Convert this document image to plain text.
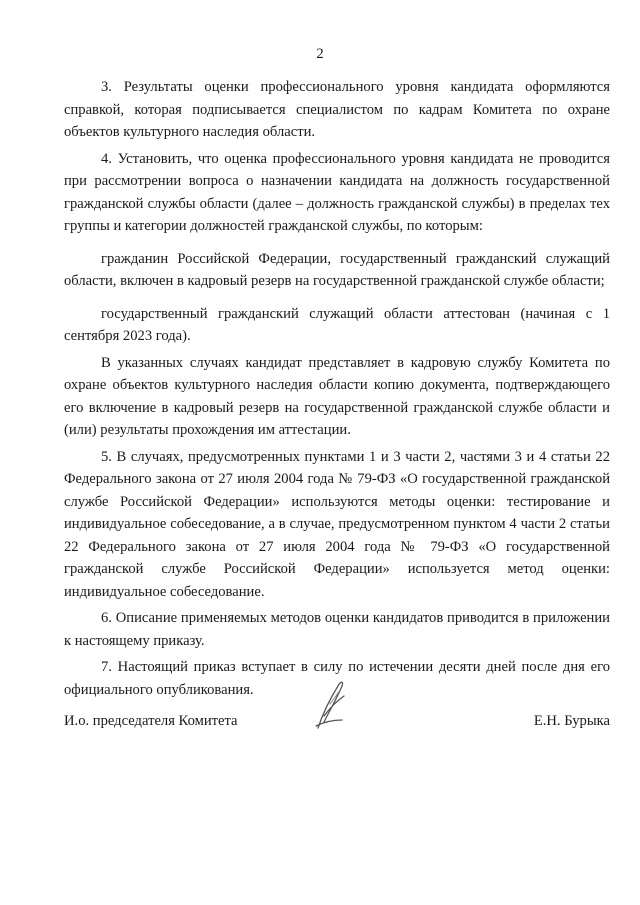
2

3. Результаты оценки профессионального уровня кандидата оформляются справкой, которая подписывается специалистом по кадрам Комитета по охране объектов культурного наследия области.

4. Установить, что оценка профессионального уровня кандидата не проводится при рассмотрении вопроса о назначении кандидата на должность государственной гражданской службы области (далее – должность гражданской службы) в пределах тех группы и категории должностей гражданской службы, по которым:

гражданин Российской Федерации, государственный гражданский служащий области, включен в кадровый резерв на государственной гражданской службе области;

государственный гражданский служащий области аттестован (начиная с 1 сентября 2023 года).

В указанных случаях кандидат представляет в кадровую службу Комитета по охране объектов культурного наследия области копию документа, подтверждающего его включение в кадровый резерв на государственной гражданской службе области и (или) результаты прохождения им аттестации.

5. В случаях, предусмотренных пунктами 1 и 3 части 2, частями 3 и 4 статьи 22 Федерального закона от 27 июля 2004 года № 79-ФЗ «О государственной гражданской службе Российской Федерации» используются методы оценки: тестирование и индивидуальное собеседование, а в случае, предусмотренном пунктом 4 части 2 статьи 22 Федерального закона от 27 июля 2004 года № 79-ФЗ «О государственной гражданской службе Российской Федерации» используется метод оценки: индивидуальное собеседование.

6. Описание применяемых методов оценки кандидатов приводится в приложении к настоящему приказу.

7. Настоящий приказ вступает в силу по истечении десяти дней после дня его официального опубликования.

И.о. председателя Комитета	Е.Н. Бурыка
